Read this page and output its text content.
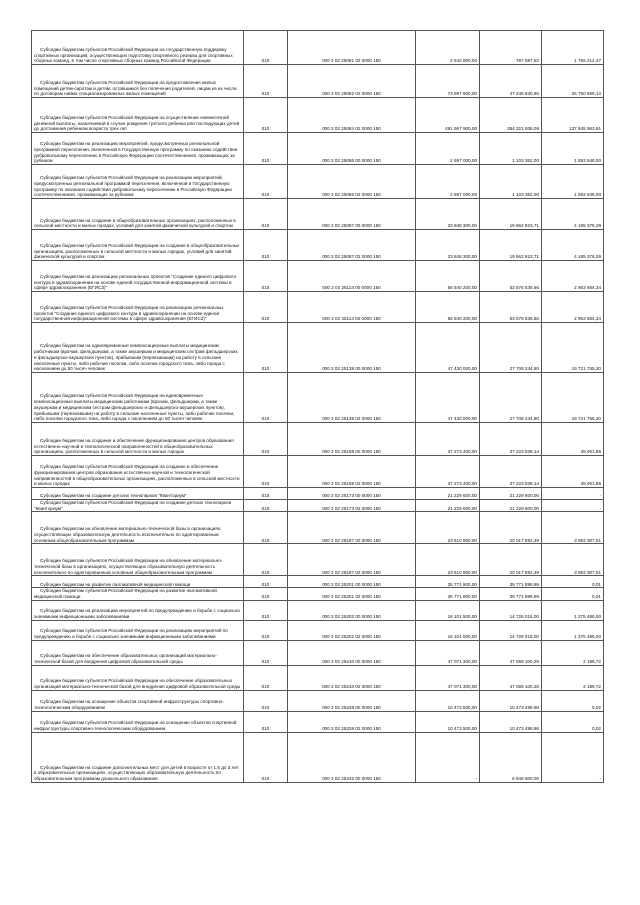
Субсидии бюджетам субъектов Российской Федерации на государственную поддержку спортивных организаций, осуществляющих подготовку спортивного резерва для спортивных сборных команд, в том числе спортивных сборных команд Российской Федерации	010	000 2 02 25081 02 0000 150	2 542 800,00	787 587,53	1 755 212,47

Субсидии бюджетам субъектов Российской Федерации на предоставление жилых помещений детям-сиротам и детям, оставшимся без попечения родителей, лицам из их числа по договорам найма специализированных жилых помещений	010	000 2 02 25082 02 0000 150	73 997 900,00	47 246 930,65	26 750 969,13

Субсидии бюджетам субъектов Российской Федерации на осуществление ежемесячной денежной выплаты, назначаемой в случае рождения третьего ребенка или последующих детей до достижения ребенком возраста трех лет	010	000 2 02 25084 02 0000 150	491 967 900,00	354 321 936,09	137 645 963,91

Субсидии бюджетам на реализацию мероприятий, предусмотренных региональной программой переселения, включенной в Государственную программу по оказанию содействия добровольному переселению в Российскую Федерацию соотечественников, проживающих за рубежом	010	000 2 02 25086 00 0000 150	2 697 000,00	1 103 352,00	1 593 648,00

Субсидии бюджетам субъектов Российской Федерации на реализацию мероприятий, предусмотренных региональной программой переселения, включенной в Государственную программу по оказанию содействия добровольному переселению в Российскую Федерацию соотечественников, проживающих за рубежом	010	000 2 02 25086 02 0000 150	2 697 000,00	1 103 352,00	1 593 648,00

Субсидии бюджетам на создание в общеобразовательных организациях, расположенных в сельской местности и малых городах, условий для занятий физической культурой и спортом	010	000 2 02 25097 00 0000 150	23 848 300,00	19 662 923,71	4 185 376,29

Субсидии бюджетам субъектов Российской Федерации на создание в общеобразовательных организациях, расположенных в сельской местности и малых городах, условий для занятий физической культурой и спортом	010	000 2 02 25097 02 0000 150	23 848 300,00	19 662 923,71	4 185 376,29

Субсидии бюджетам на реализацию региональных проектов "Создание единого цифрового контура в здравоохранении на основе единой государственной информационной системы в сфере здравоохранения (ЕГИСЗ)"	010	000 2 02 25114 00 0000 150	56 540 200,00	53 576 535,66	2 963 664,34

Субсидии бюджетам субъектов Российской Федерации на реализацию региональных проектов "Создание единого цифрового контура в здравоохранении на основе единой государственной информационной системы в сфере здравоохранения (ЕГИСЗ)"	010	000 2 02 25114 02 0000 150	56 540 200,00	53 576 535,66	2 963 664,34

Субсидии бюджетам на единовременные компенсационные выплаты медицинским работникам (врачам, фельдшерам, а также акушеркам и медицинским сестрам фельдшерских и фельдшерско-акушерских пунктов), прибывшим (переехавшим) на работу в сельские населенные пункты, либо рабочие поселки, либо поселки городского типа, либо города с населением до 50 тысяч человек	010	000 2 02 25138 00 0000 150	47 430 000,00	27 708 244,80	19 721 755,20

Субсидии бюджетам субъектов Российской Федерации на единовременные компенсационные выплаты медицинским работникам (врачам, фельдшерам, а также акушеркам и медицинским сестрам фельдшерских и фельдшерско-акушерских пунктов), прибывшим (переехавшим) на работу в сельские населенные пункты, либо рабочие поселки, либо поселки городского типа, либо города с населением до 50 тысяч человек	010	000 2 02 25138 02 0000 150	47 430 000,00	27 708 244,80	19 721 755,20

Субсидии бюджетам на создание и обеспечение функционирования центров образования естественно-научной и технологической направленностей в общеобразовательных организациях, расположенных в сельской местности и малых городах	010	000 2 02 25169 00 0000 150	37 273 400,00	37 223 938,14	49 461,86

Субсидии бюджетам субъектов Российской Федерации на создание и обеспечение функционирования центров образования естественно-научной и технологической направленностей в общеобразовательных организациях, расположенных в сельской местности и малых городах	010	000 2 02 25169 02 0000 150	37 273 400,00	37 223 938,14	49 461,86

Субсидии бюджетам на создание детских технопарков "Кванториум"	010	000 2 02 25173 00 0000 150	21 229 600,00	21 229 600,00	-

Субсидии бюджетам субъектов Российской Федерации на создание детских технопарков "Кванториум"	010	000 2 02 25173 02 0000 150	21 229 600,00	21 229 600,00	-

Субсидии бюджетам на обновление материально-технической базы в организациях, осуществляющих образовательную деятельность исключительно по адаптированным основным общеобразовательным программам	010	000 2 02 25187 00 0000 150	23 610 900,00	20 017 592,49	3 593 307,51

Субсидии бюджетам субъектов Российской Федерации на обновление материально-технической базы в организациях, осуществляющих образовательную деятельность исключительно по адаптированным основным общеобразовательным программам	010	000 2 02 25187 02 0000 150	23 610 900,00	20 017 592,49	3 593 307,51

Субсидии бюджетам на развитие паллиативной медицинской помощи	010	000 2 02 25201 00 0000 150	35 771 900,00	35 771 899,99	0,01

Субсидии бюджетам субъектов Российской Федерации на развитие паллиативной медицинской помощи	010	000 2 02 25201 02 0000 150	35 771 900,00	35 771 899,99	0,01

Субсидии бюджетам на реализацию мероприятий по предупреждению и борьбе с социально значимыми инфекционными заболеваниями	010	000 2 02 25202 00 0000 150	16 101 500,00	14 726 015,00	1 375 485,00

Субсидии бюджетам субъектов Российской Федерации на реализацию мероприятий по предупреждению и борьбе с социально значимыми инфекционными заболеваниями	010	000 2 02 25202 02 0000 150	16 101 500,00	14 726 015,00	1 375 485,00

Субсидии бюджетам на обеспечение образовательных организаций материально-технической базой для внедрения цифровой образовательной среды	010	000 2 02 25210 00 0000 150	47 071 300,00	47 069 100,28	2 199,72

Субсидии бюджетам субъектов Российской Федерации на обеспечение образовательных организаций материально-технической базой для внедрения цифровой образовательной среды	010	000 2 02 25210 02 0000 150	47 071 300,00	47 069 100,28	2 199,72

Субсидии бюджетам на оснащение объектов спортивной инфраструктуры спортивно-технологическим оборудованием	010	000 2 02 25228 00 0000 150	10 473 500,00	10 473 499,98	0,02

Субсидии бюджетам субъектов Российской Федерации на оснащение объектов спортивной инфраструктуры спортивно-технологическим оборудованием	010	000 2 02 25228 02 0000 150	10 473 500,00	10 473 499,98	0,02

Субсидии бюджетам на создание дополнительных мест для детей в возрасте от 1,5 до 3 лет в образовательных организациях, осуществляющих образовательную деятельность по образовательным программам дошкольного образования	010	000 2 02 25232 00 0000 150	-	6 648 500,00	-
